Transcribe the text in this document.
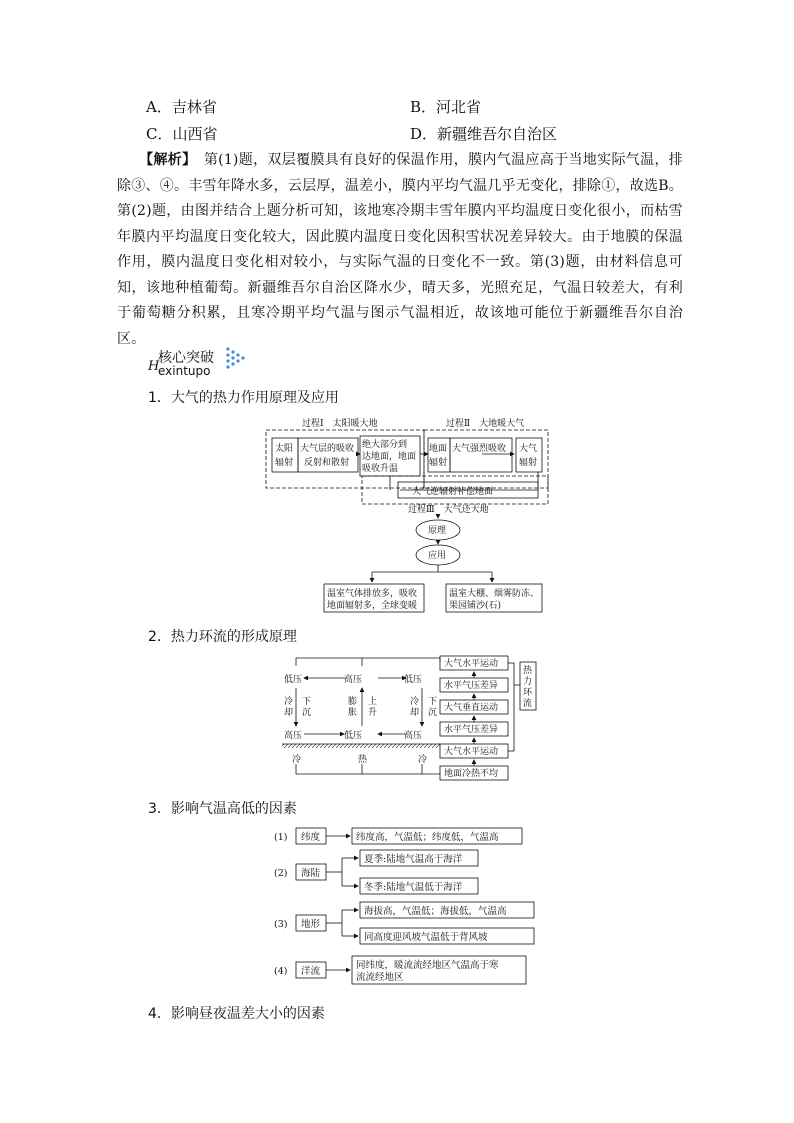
A．吉林省	B．河北省
C．山西省	D．新疆维吾尔自治区
【解析】　 第(1)题，双层覆膜具有良好的保温作用，膜内气温应高于当地实际气温，排除③、④。丰雪年降水多，云层厚，温差小，膜内平均气温几乎无变化，排除①，故选B。第(2)题，由图并结合上题分析可知，该地寒冷期丰雪年膜内平均温度日变化很小，而枯雪年膜内平均温度日变化较大，因此膜内温度日变化因积雪状况差异较大。由于地膜的保温作用，膜内温度日变化相对较小，与实际气温的日变化不一致。第(3)题，由材料信息可知，该地种植葡萄。新疆维吾尔自治区降水少，晴天多，光照充足，气温日较差大，有利于葡萄糖分积累，且寒冷期平均气温与图示气温相近，故该地可能位于新疆维吾尔自治区。
H
核心突破
exintupo
1．大气的热力作用原理及应用
2．热力环流的形成原理
3．影响气温高低的因素
4．影响昼夜温差大小的因素
过程Ⅰ　太阳暖大地	过程Ⅱ　大地暖大气
过程Ⅲ　大气还大地
太阳
辐射
大气层的吸收
反射和散射
绝大部分到
达地面，地面
吸收升温
地面
辐射
大气强烈吸收 大气
辐射
大气逆辐射补偿地面
原理
应用
温室气体排放多，吸收
地面辐射多，全球变暖
温室大棚、烟雾防冻、
果园铺沙(石)
低压	高压	低压
冷
却
下
沉
膨
胀
上
升
冷
却
下
沉
高压	低压	高压
冷	热	冷
大气水平运动
水平气压差异
大气垂直运动
水平气压差异
大气水平运动
地面冷热不均
热
力
环
流
(1) 纬度	纬度高，气温低；纬度低，气温高
(2) 海陆
夏季:陆地气温高于海洋
冬季:陆地气温低于海洋
(3) 地形
海拔高，气温低；海拔低，气温高
同高度迎风坡气温低于背风坡
(4) 洋流
同纬度，暖流流经地区气温高于寒
流流经地区
